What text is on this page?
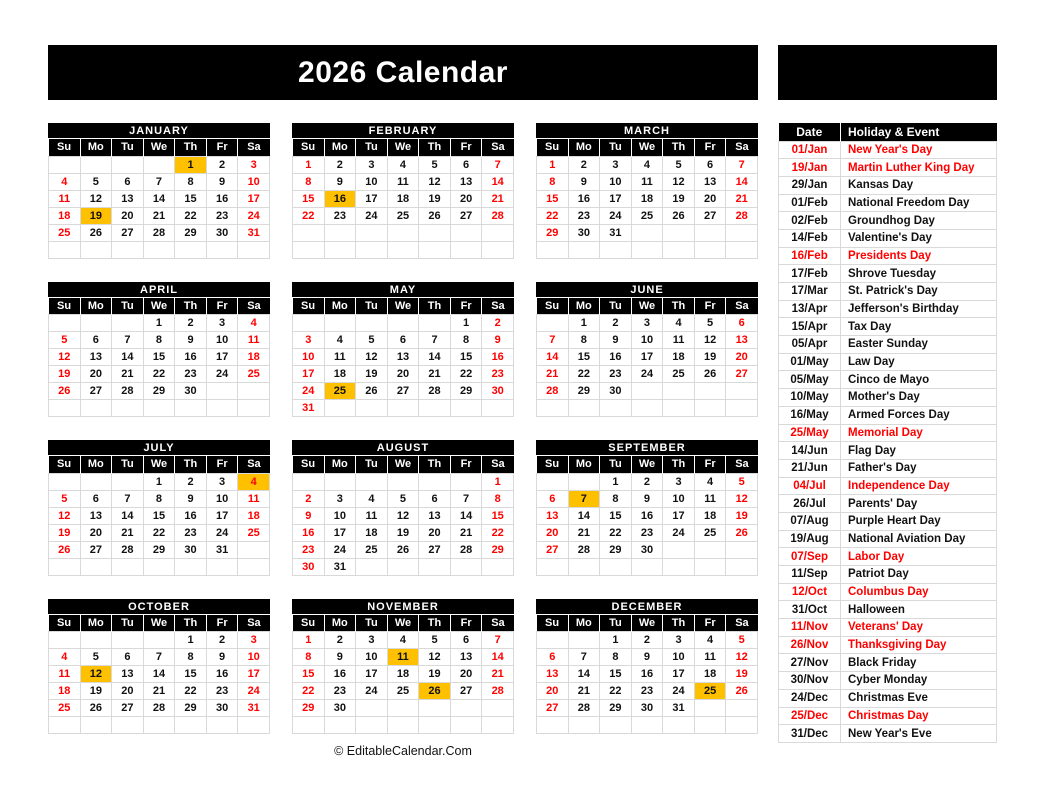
2026 Calendar
JANUARY
Su	Mo	Tu	We	Th	Fr	Sa
				1	2	3
4	5	6	7	8	9	10
11	12	13	14	15	16	17
18	19	20	21	22	23	24
25	26	27	28	29	30	31

FEBRUARY
Su	Mo	Tu	We	Th	Fr	Sa
1	2	3	4	5	6	7
8	9	10	11	12	13	14
15	16	17	18	19	20	21
22	23	24	25	26	27	28

MARCH
Su	Mo	Tu	We	Th	Fr	Sa
1	2	3	4	5	6	7
8	9	10	11	12	13	14
15	16	17	18	19	20	21
22	23	24	25	26	27	28
29	30	31				

APRIL
Su	Mo	Tu	We	Th	Fr	Sa
			1	2	3	4
5	6	7	8	9	10	11
12	13	14	15	16	17	18
19	20	21	22	23	24	25
26	27	28	29	30		

MAY
Su	Mo	Tu	We	Th	Fr	Sa
					1	2
3	4	5	6	7	8	9
10	11	12	13	14	15	16
17	18	19	20	21	22	23
24	25	26	27	28	29	30
31						
JUNE
Su	Mo	Tu	We	Th	Fr	Sa
	1	2	3	4	5	6
7	8	9	10	11	12	13
14	15	16	17	18	19	20
21	22	23	24	25	26	27
28	29	30				

JULY
Su	Mo	Tu	We	Th	Fr	Sa
			1	2	3	4
5	6	7	8	9	10	11
12	13	14	15	16	17	18
19	20	21	22	23	24	25
26	27	28	29	30	31	

AUGUST
Su	Mo	Tu	We	Th	Fr	Sa
						1
2	3	4	5	6	7	8
9	10	11	12	13	14	15
16	17	18	19	20	21	22
23	24	25	26	27	28	29
30	31					
SEPTEMBER
Su	Mo	Tu	We	Th	Fr	Sa
		1	2	3	4	5
6	7	8	9	10	11	12
13	14	15	16	17	18	19
20	21	22	23	24	25	26
27	28	29	30			

OCTOBER
Su	Mo	Tu	We	Th	Fr	Sa
				1	2	3
4	5	6	7	8	9	10
11	12	13	14	15	16	17
18	19	20	21	22	23	24
25	26	27	28	29	30	31

NOVEMBER
Su	Mo	Tu	We	Th	Fr	Sa
1	2	3	4	5	6	7
8	9	10	11	12	13	14
15	16	17	18	19	20	21
22	23	24	25	26	27	28
29	30					

DECEMBER
Su	Mo	Tu	We	Th	Fr	Sa
		1	2	3	4	5
6	7	8	9	10	11	12
13	14	15	16	17	18	19
20	21	22	23	24	25	26
27	28	29	30	31		

Date	Holiday & Event
01/Jan	New Year's Day
19/Jan	Martin Luther King Day
29/Jan	Kansas Day
01/Feb	National Freedom Day
02/Feb	Groundhog Day
14/Feb	Valentine's Day
16/Feb	Presidents Day
17/Feb	Shrove Tuesday
17/Mar	St. Patrick's Day
13/Apr	Jefferson's Birthday
15/Apr	Tax Day
05/Apr	Easter Sunday
01/May	Law Day
05/May	Cinco de Mayo
10/May	Mother's Day
16/May	Armed Forces Day
25/May	Memorial Day
14/Jun	Flag Day
21/Jun	Father's Day
04/Jul	Independence Day
26/Jul	Parents' Day
07/Aug	Purple Heart Day
19/Aug	National Aviation Day
07/Sep	Labor Day
11/Sep	Patriot Day
12/Oct	Columbus Day
31/Oct	Halloween
11/Nov	Veterans' Day
26/Nov	Thanksgiving Day
27/Nov	Black Friday
30/Nov	Cyber Monday
24/Dec	Christmas Eve
25/Dec	Christmas Day
31/Dec	New Year's Eve
© EditableCalendar.Com
